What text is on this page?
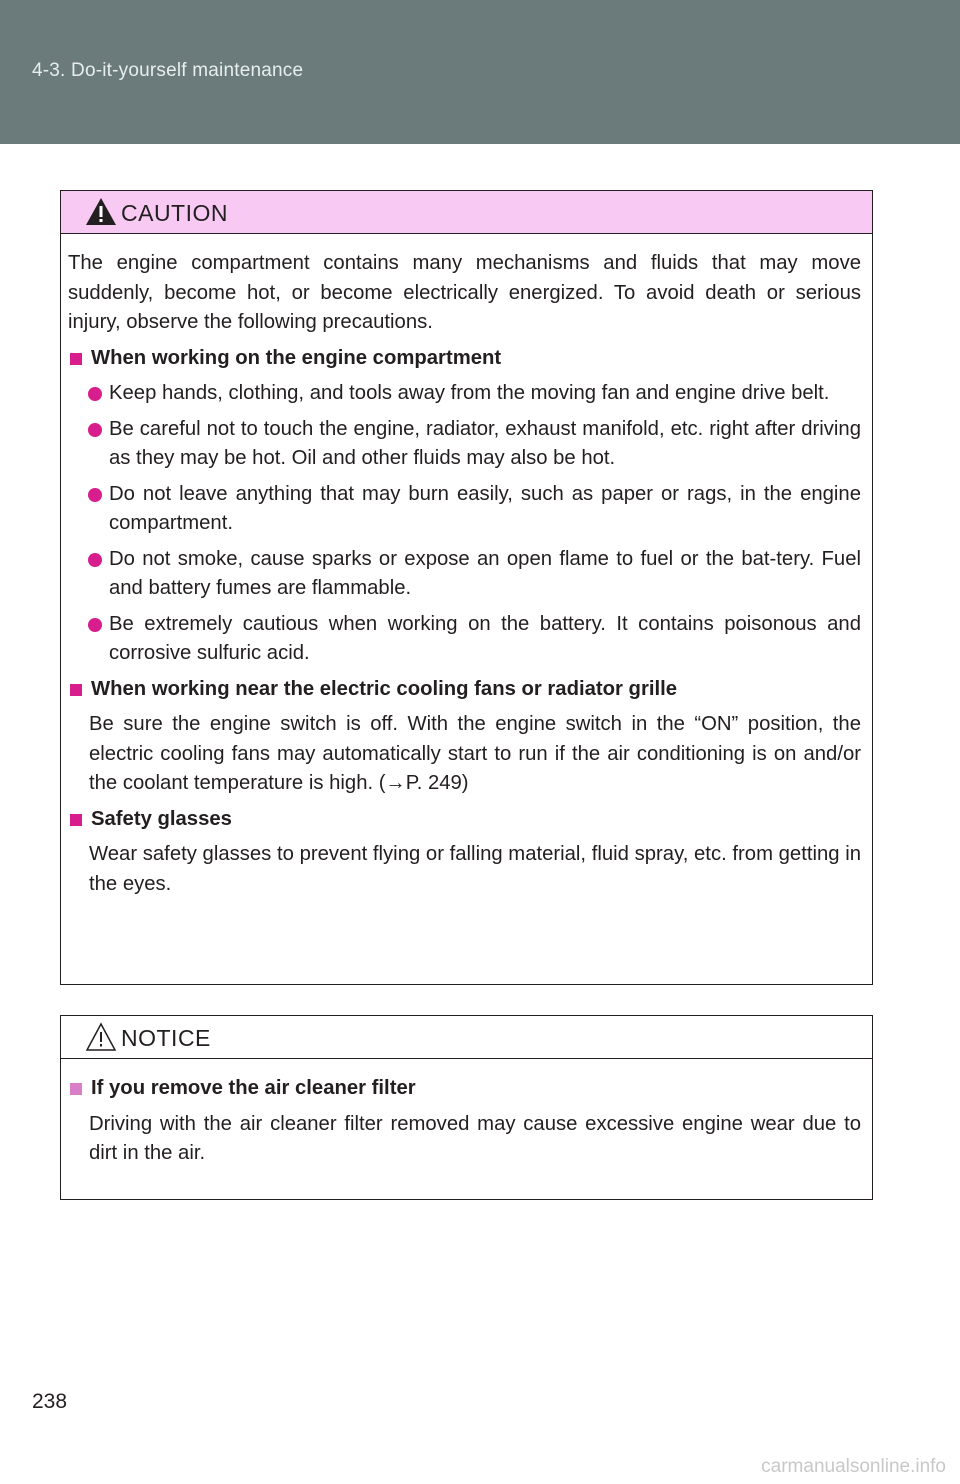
4-3. Do-it-yourself maintenance
CAUTION
The engine compartment contains many mechanisms and fluids that may move suddenly, become hot, or become electrically energized. To avoid death or serious injury, observe the following precautions.
When working on the engine compartment
Keep hands, clothing, and tools away from the moving fan and engine drive belt.
Be careful not to touch the engine, radiator, exhaust manifold, etc. right after driving as they may be hot. Oil and other fluids may also be hot.
Do not leave anything that may burn easily, such as paper or rags, in the engine compartment.
Do not smoke, cause sparks or expose an open flame to fuel or the bat-tery. Fuel and battery fumes are flammable.
Be extremely cautious when working on the battery. It contains poisonous and corrosive sulfuric acid.
When working near the electric cooling fans or radiator grille
Be sure the engine switch is off. With the engine switch in the “ON” position, the electric cooling fans may automatically start to run if the air conditioning is on and/or the coolant temperature is high. (→P. 249)
Safety glasses
Wear safety glasses to prevent flying or falling material, fluid spray, etc. from getting in the eyes.
NOTICE
If you remove the air cleaner filter
Driving with the air cleaner filter removed may cause excessive engine wear due to dirt in the air.
238
carmanualsonline.info
